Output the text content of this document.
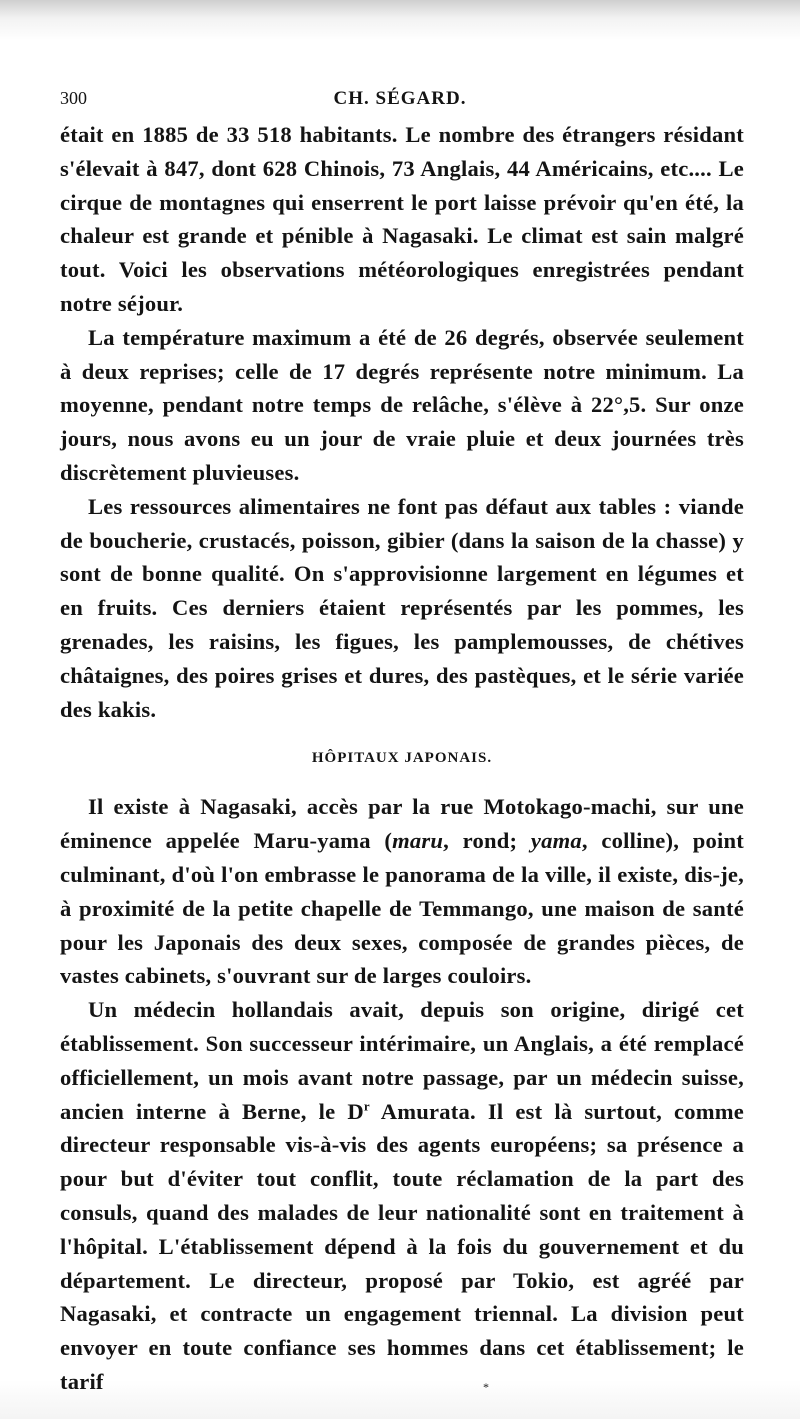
300	CH. SÉGARD.

était en 1885 de 33 518 habitants. Le nombre des étrangers résidant s'élevait à 847, dont 628 Chinois, 73 Anglais, 44 Américains, etc.... Le cirque de montagnes qui enserrent le port laisse prévoir qu'en été, la chaleur est grande et pénible à Nagasaki. Le climat est sain malgré tout. Voici les observations météorologiques enregistrées pendant notre séjour.

La température maximum a été de 26 degrés, observée seulement à deux reprises; celle de 17 degrés représente notre minimum. La moyenne, pendant notre temps de relâche, s'élève à 22°,5. Sur onze jours, nous avons eu un jour de vraie pluie et deux journées très discrètement pluvieuses.

Les ressources alimentaires ne font pas défaut aux tables : viande de boucherie, crustacés, poisson, gibier (dans la saison de la chasse) y sont de bonne qualité. On s'approvisionne largement en légumes et en fruits. Ces derniers étaient représentés par les pommes, les grenades, les raisins, les figues, les pamplemousses, de chétives châtaignes, des poires grises et dures, des pastèques, et le série variée des kakis.

HÔPITAUX JAPONAIS.

Il existe à Nagasaki, accès par la rue Motokago-machi, sur une éminence appelée Maru-yama (maru, rond; yama, colline), point culminant, d'où l'on embrasse le panorama de la ville, il existe, dis-je, à proximité de la petite chapelle de Temmango, une maison de santé pour les Japonais des deux sexes, composée de grandes pièces, de vastes cabinets, s'ouvrant sur de larges couloirs.

Un médecin hollandais avait, depuis son origine, dirigé cet établissement. Son successeur intérimaire, un Anglais, a été remplacé officiellement, un mois avant notre passage, par un médecin suisse, ancien interne à Berne, le $D^r$ Amurata. Il est là surtout, comme directeur responsable vis-à-vis des agents européens; sa présence a pour but d'éviter tout conflit, toute réclamation de la part des consuls, quand des malades de leur nationalité sont en traitement à l'hôpital. L'établissement dépend à la fois du gouvernement et du département. Le directeur, proposé par Tokio, est agréé par Nagasaki, et contracte un engagement triennal. La division peut envoyer en toute confiance ses hommes dans cet établissement; le tarif	*
